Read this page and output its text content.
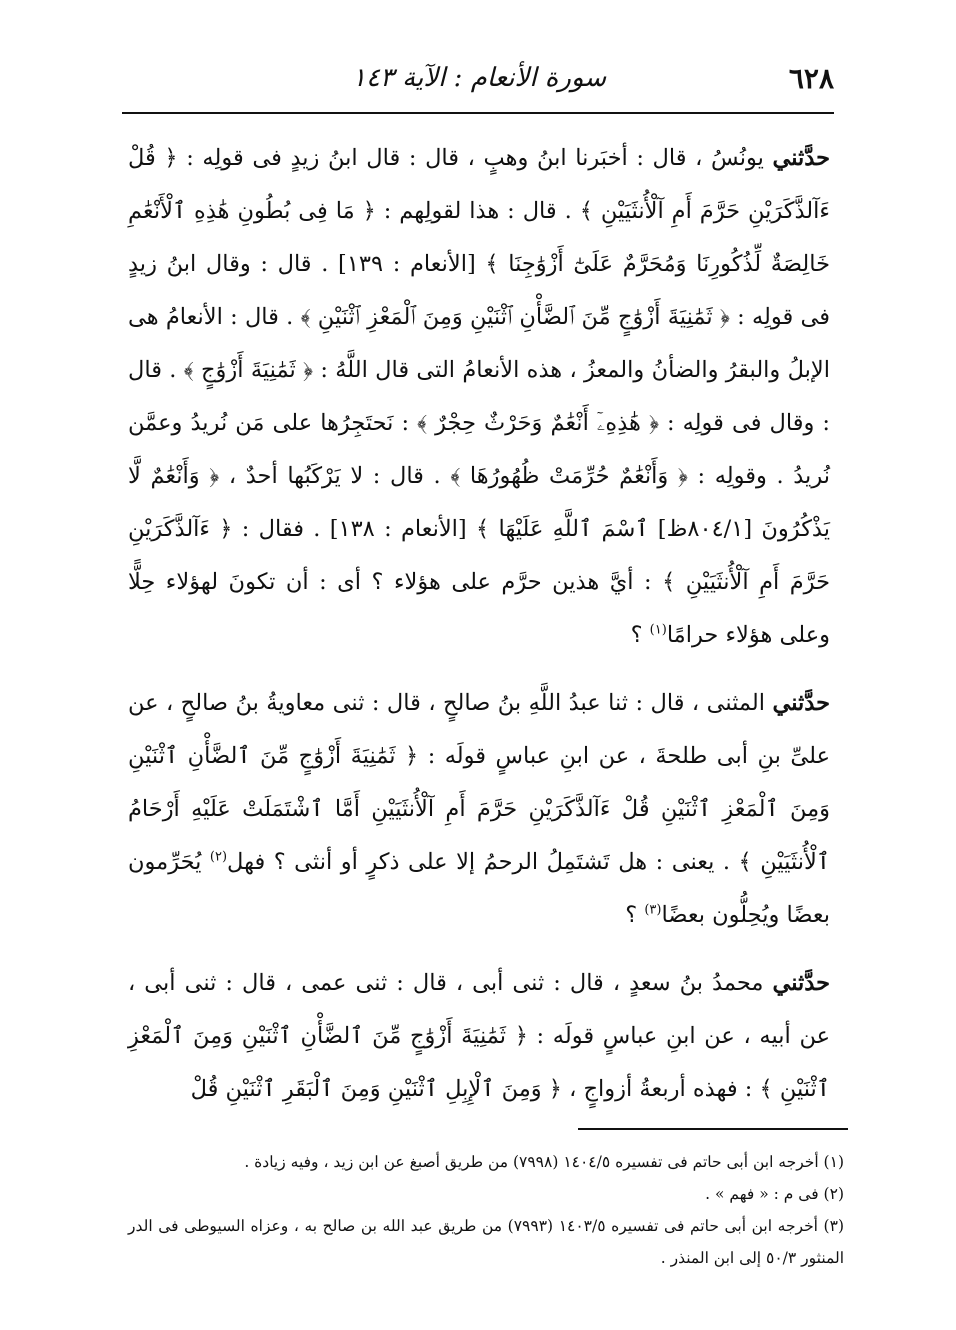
٦٢٨
سورة الأنعام : الآية ١٤٣

حدَّثني يونُسُ ، قال : أخبَرنا ابنُ وهبٍ ، قال : قال ابنُ زيدٍ فى قولِه : ﴿ قُلْ ءَآلذَّكَرَيْنِ حَرَّمَ أَمِ آلْأُنثَيَيْنِ ﴾ . قال : هذا لقولِهم : ﴿ مَا فِى بُطُونِ هَٰذِهِ ٱلْأَنْعَٰمِ خَالِصَةٌ لِّذُكُورِنَا وَمُحَرَّمٌ عَلَىٰٓ أَزْوَٰجِنَا ﴾ [الأنعام : ١٣٩] . قال : وقال ابنُ زيدٍ فى قولِه : ﴿ ثَمَٰنِيَةَ أَزْوَٰجٍ مِّنَ ٱلضَّأْنِ ٱثْنَيْنِ وَمِنَ ٱلْمَعْزِ ٱثْنَيْنِ ﴾ . قال : الأنعامُ هى الإبلُ والبقرُ والضأنُ والمعزُ ، هذه الأنعامُ التى قال اللَّهُ : ﴿ ثَمَٰنِيَةَ أَزْوَٰجٍ ﴾ . قال : وقال فى قولِه : ﴿ هَٰذِهِۦٓ أَنْعَٰمٌ وَحَرْثٌ حِجْرٌ ﴾ : نَحتَجِرُها على مَن نُريدُ وعمَّن نُريدُ . وقولِه : ﴿ وَأَنْعَٰمٌ حُرِّمَتْ ظُهُورُهَا ﴾ . قال : لا يَرْكَبُها أحدٌ ، ﴿ وَأَنْعَٰمٌ لَّا يَذْكُرُونَ [٨٠٤/١ظ] ٱسْمَ ٱللَّهِ عَلَيْهَا ﴾ [الأنعام : ١٣٨] . فقال : ﴿ ءَآلذَّكَرَيْنِ حَرَّمَ أَمِ آلْأُنثَيَيْنِ ﴾ : أيَّ هذين حرَّم على هؤلاء ؟ أى : أن تكونَ لهؤلاء حِلًّا وعلى هؤلاء حرامًا$^{(١)}$ ؟

حدَّثني المثنى ، قال : ثنا عبدُ اللَّهِ بنُ صالحٍ ، قال : ثنى معاويةُ بنُ صالحٍ ، عن علىِّ بنِ أبى طلحةَ ، عن ابنِ عباسٍ قولَه : ﴿ ثَمَٰنِيَةَ أَزْوَٰجٍ مِّنَ ٱلضَّأْنِ ٱثْنَيْنِ وَمِنَ ٱلْمَعْزِ ٱثْنَيْنِ قُلْ ءَآلذَّكَرَيْنِ حَرَّمَ أَمِ آلْأُنثَيَيْنِ أَمَّا ٱشْتَمَلَتْ عَلَيْهِ أَرْحَامُ ٱلْأُنثَيَيْنِ ﴾ . يعنى : هل تَشتَمِلُ الرحمُ إلا على ذكرٍ أو أنثى ؟ فهل$^{(٢)}$ يُحَرِّمون بعضًا ويُحِلُّون بعضًا$^{(٣)}$ ؟

حدَّثني محمدُ بنُ سعدٍ ، قال : ثنى أبى ، قال : ثنى عمى ، قال : ثنى أبى ، عن أبيه ، عن ابنِ عباسٍ قولَه : ﴿ ثَمَٰنِيَةَ أَزْوَٰجٍ مِّنَ ٱلضَّأْنِ ٱثْنَيْنِ وَمِنَ ٱلْمَعْزِ ٱثْنَيْنِ ﴾ : فهذه أربعةُ أزواجٍ ، ﴿ وَمِنَ ٱلْإِبِلِ ٱثْنَيْنِ وَمِنَ ٱلْبَقَرِ ٱثْنَيْنِ قُلْ

(١) أخرجه ابن أبى حاتم فى تفسيره ١٤٠٤/٥ (٧٩٩٨) من طريق أصبغ عن ابن زيد ، وفيه زيادة .

(٢) فى م : « فهم » .

(٣) أخرجه ابن أبى حاتم فى تفسيره ١٤٠٣/٥ (٧٩٩٣) من طريق عبد الله بن صالح به ، وعزاه السيوطى فى الدر المنثور ٥٠/٣ إلى ابن المنذر .
